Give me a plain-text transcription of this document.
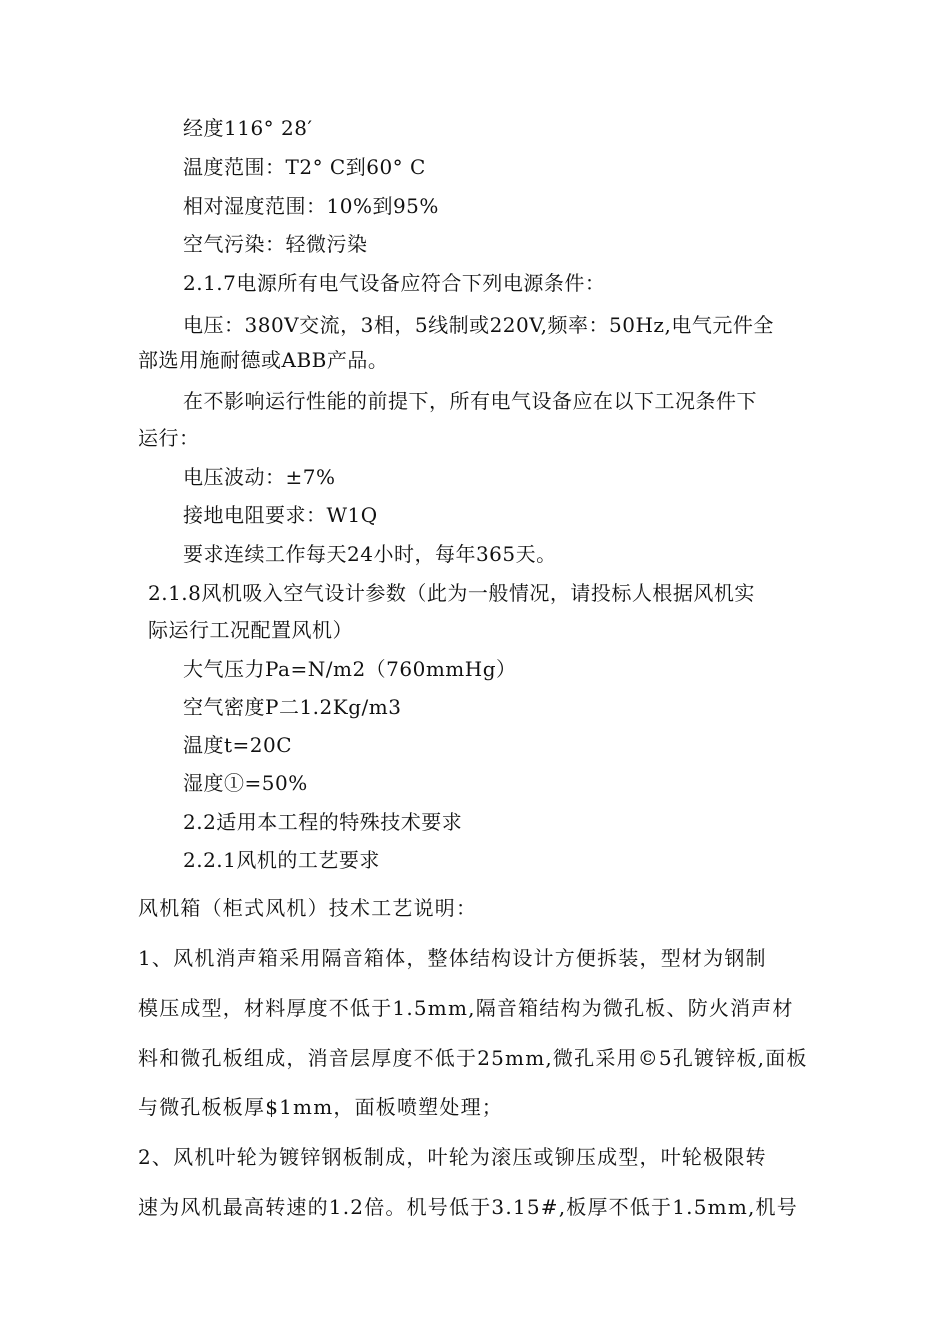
经度116° 28′

温度范围：T2° C到60° C

相对湿度范围：10%到95%

空气污染：轻微污染

2.1.7电源所有电气设备应符合下列电源条件：

电压：380V交流，3相，5线制或220V,频率：50Hz,电气元件全

部选用施耐德或ABB产品。

在不影响运行性能的前提下，所有电气设备应在以下工况条件下

运行：

电压波动：±7%

接地电阻要求：W1Q

要求连续工作每天24小时，每年365天。

2.1.8风机吸入空气设计参数（此为一般情况，请投标人根据风机实

际运行工况配置风机）

大气压力Pa=N/m2（760mmHg）

空气密度P二1.2Kg/m3

温度t=20C

湿度①=50%

2.2适用本工程的特殊技术要求

2.2.1风机的工艺要求

风机箱（柜式风机）技术工艺说明：

1、风机消声箱采用隔音箱体，整体结构设计方便拆装，型材为钢制

模压成型，材料厚度不低于1.5mm,隔音箱结构为微孔板、防火消声材

料和微孔板组成，消音层厚度不低于25mm,微孔采用©5孔镀锌板,面板

与微孔板板厚$1mm，面板喷塑处理；

2、风机叶轮为镀锌钢板制成，叶轮为滚压或铆压成型，叶轮极限转

速为风机最高转速的1.2倍。机号低于3.15#,板厚不低于1.5mm,机号
